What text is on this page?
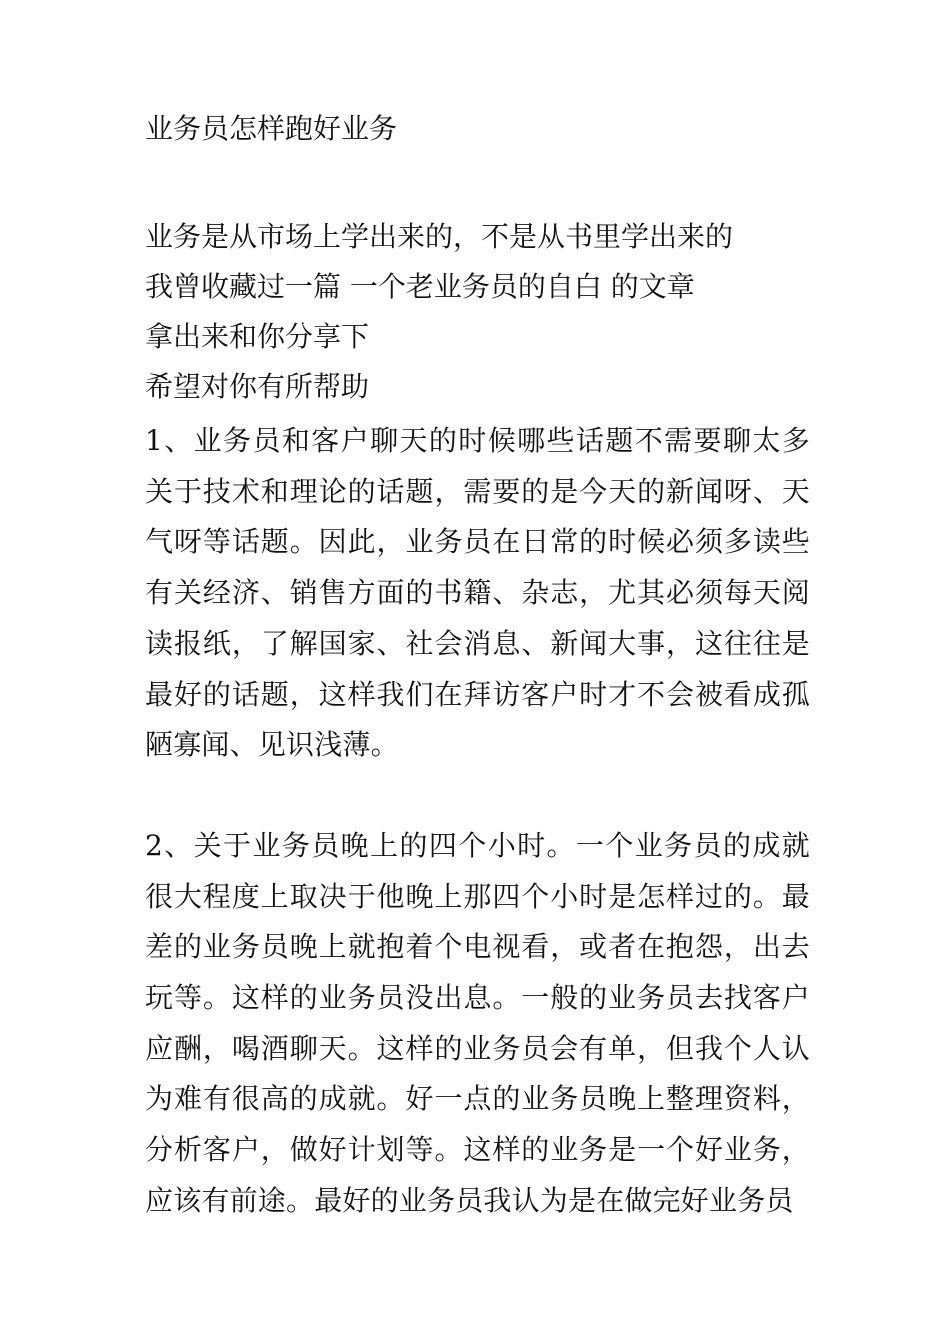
业务员怎样跑好业务
业务是从市场上学出来的，不是从书里学出来的
我曾收藏过一篇 一个老业务员的自白 的文章
拿出来和你分享下
希望对你有所帮助

1、业务员和客户聊天的时候哪些话题不需要聊太多关于技术和理论的话题，需要的是今天的新闻呀、天气呀等话题。因此，业务员在日常的时候必须多读些有关经济、销售方面的书籍、杂志，尤其必须每天阅读报纸，了解国家、社会消息、新闻大事，这往往是最好的话题，这样我们在拜访客户时才不会被看成孤陋寡闻、见识浅薄。

2、关于业务员晚上的四个小时。一个业务员的成就很大程度上取决于他晚上那四个小时是怎样过的。最差的业务员晚上就抱着个电视看，或者在抱怨，出去玩等。这样的业务员没出息。一般的业务员去找客户应酬，喝酒聊天。这样的业务员会有单，但我个人认为难有很高的成就。好一点的业务员晚上整理资料，分析客户，做好计划等。这样的业务是一个好业务，应该有前途。最好的业务员我认为是在做完好业务员
